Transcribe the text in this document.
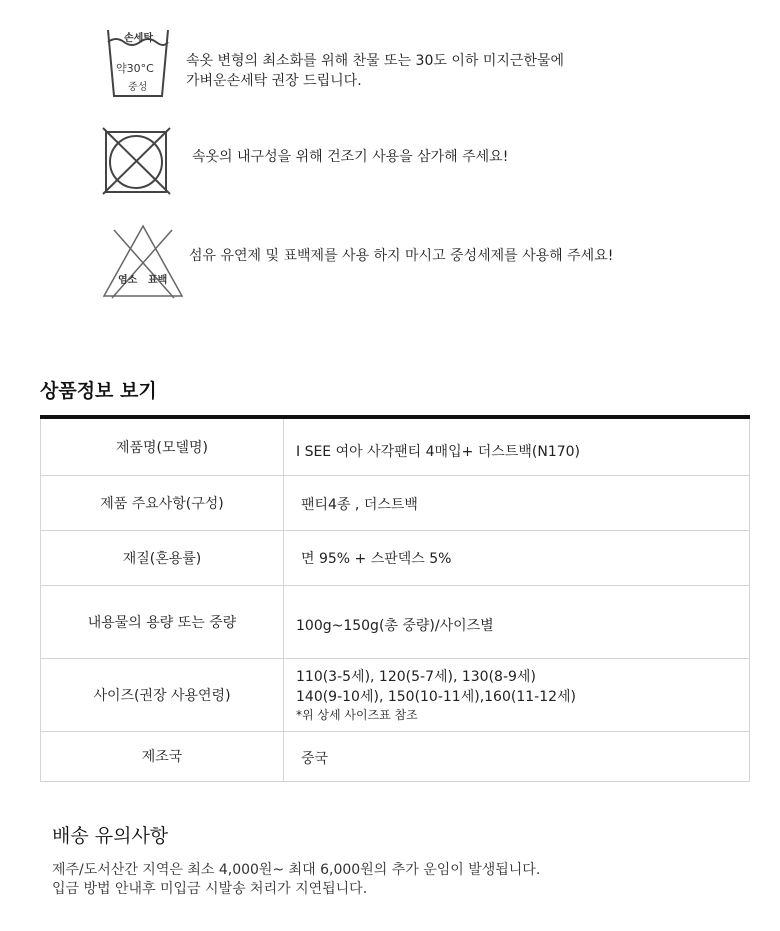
손세탁
약30°C
중성
속옷 변형의 최소화를 위해 찬물 또는 30도 이하 미지근한물에
가벼운손세탁 권장 드립니다.
속옷의 내구성을 위해 건조기 사용을 삼가해 주세요!
염소 표백
섬유 유연제 및 표백제를 사용 하지 마시고 중성세제를 사용해 주세요!
상품정보 보기
제품명(모델명)	I SEE 여아 사각팬티 4매입+ 더스트백(N170)
제품 주요사항(구성)	팬티4종 , 더스트백
재질(혼용률)	면 95% + 스판덱스 5%
내용물의 용량 또는 중량	100g~150g(총 중량)/사이즈별
사이즈(권장 사용연령)	110(3-5세), 120(5-7세), 130(8-9세)
140(9-10세), 150(10-11세),160(11-12세)
*위 상세 사이즈표 참조

제조국	중국
배송 유의사항
제주/도서산간 지역은 최소 4,000원~ 최대 6,000원의 추가 운임이 발생됩니다.
입금 방법 안내후 미입금 시발송 처리가 지연됩니다.
